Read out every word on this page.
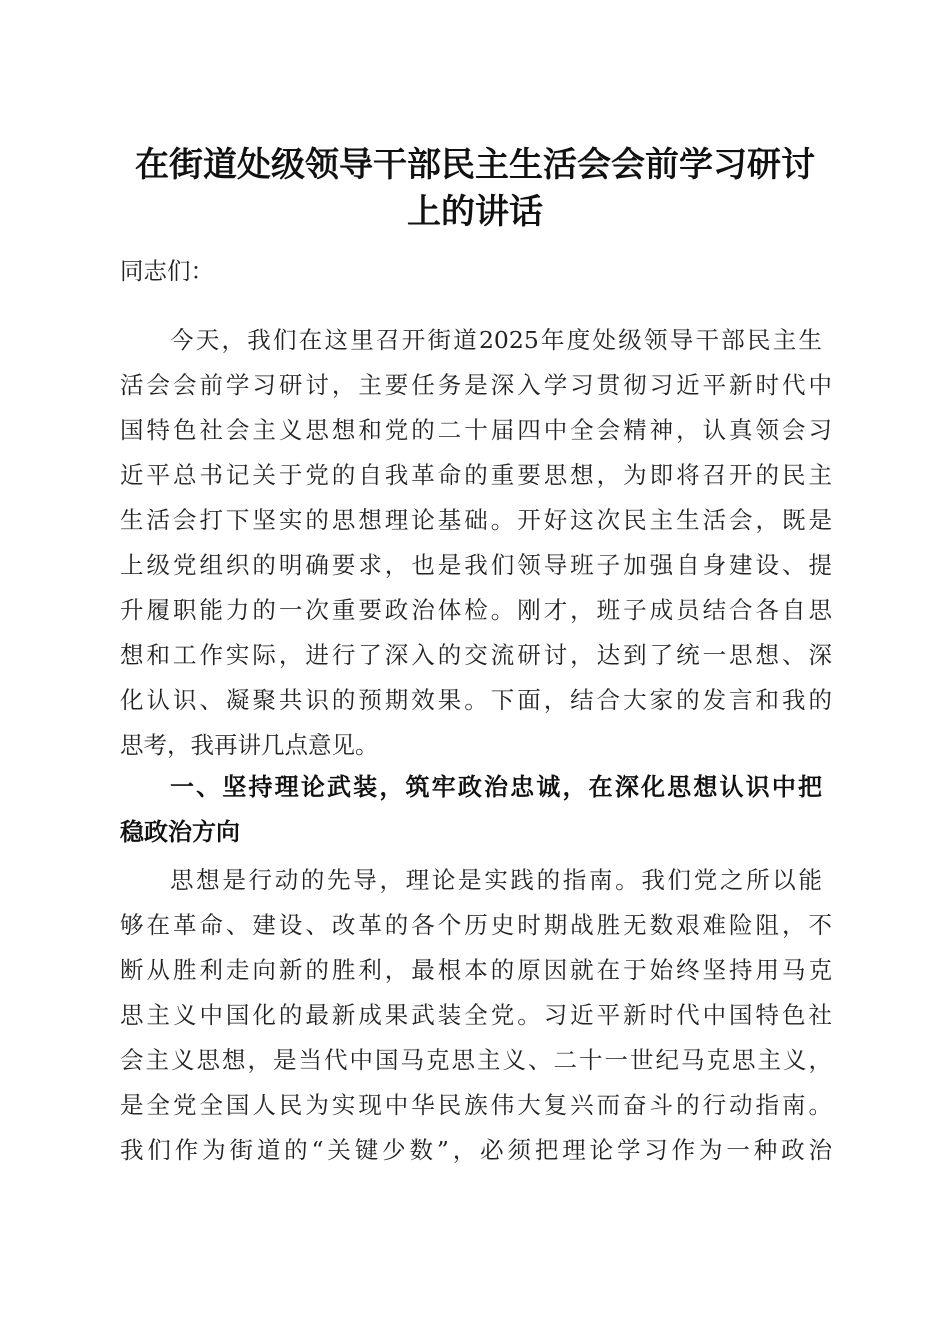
在街道处级领导干部民主生活会会前学习研讨
上的讲话
同志们：
今天，我们在这里召开街道2025年度处级领导干部民主生
活会会前学习研讨，主要任务是深入学习贯彻习近平新时代中
国特色社会主义思想和党的二十届四中全会精神，认真领会习
近平总书记关于党的自我革命的重要思想，为即将召开的民主
生活会打下坚实的思想理论基础。开好这次民主生活会，既是
上级党组织的明确要求，也是我们领导班子加强自身建设、提
升履职能力的一次重要政治体检。刚才，班子成员结合各自思
想和工作实际，进行了深入的交流研讨，达到了统一思想、深
化认识、凝聚共识的预期效果。下面，结合大家的发言和我的
思考，我再讲几点意见。
一、坚持理论武装，筑牢政治忠诚，在深化思想认识中把
稳政治方向
思想是行动的先导，理论是实践的指南。我们党之所以能
够在革命、建设、改革的各个历史时期战胜无数艰难险阻，不
断从胜利走向新的胜利，最根本的原因就在于始终坚持用马克
思主义中国化的最新成果武装全党。习近平新时代中国特色社
会主义思想，是当代中国马克思主义、二十一世纪马克思主义，
是全党全国人民为实现中华民族伟大复兴而奋斗的行动指南。
我们作为街道的“关键少数”，必须把理论学习作为一种政治
